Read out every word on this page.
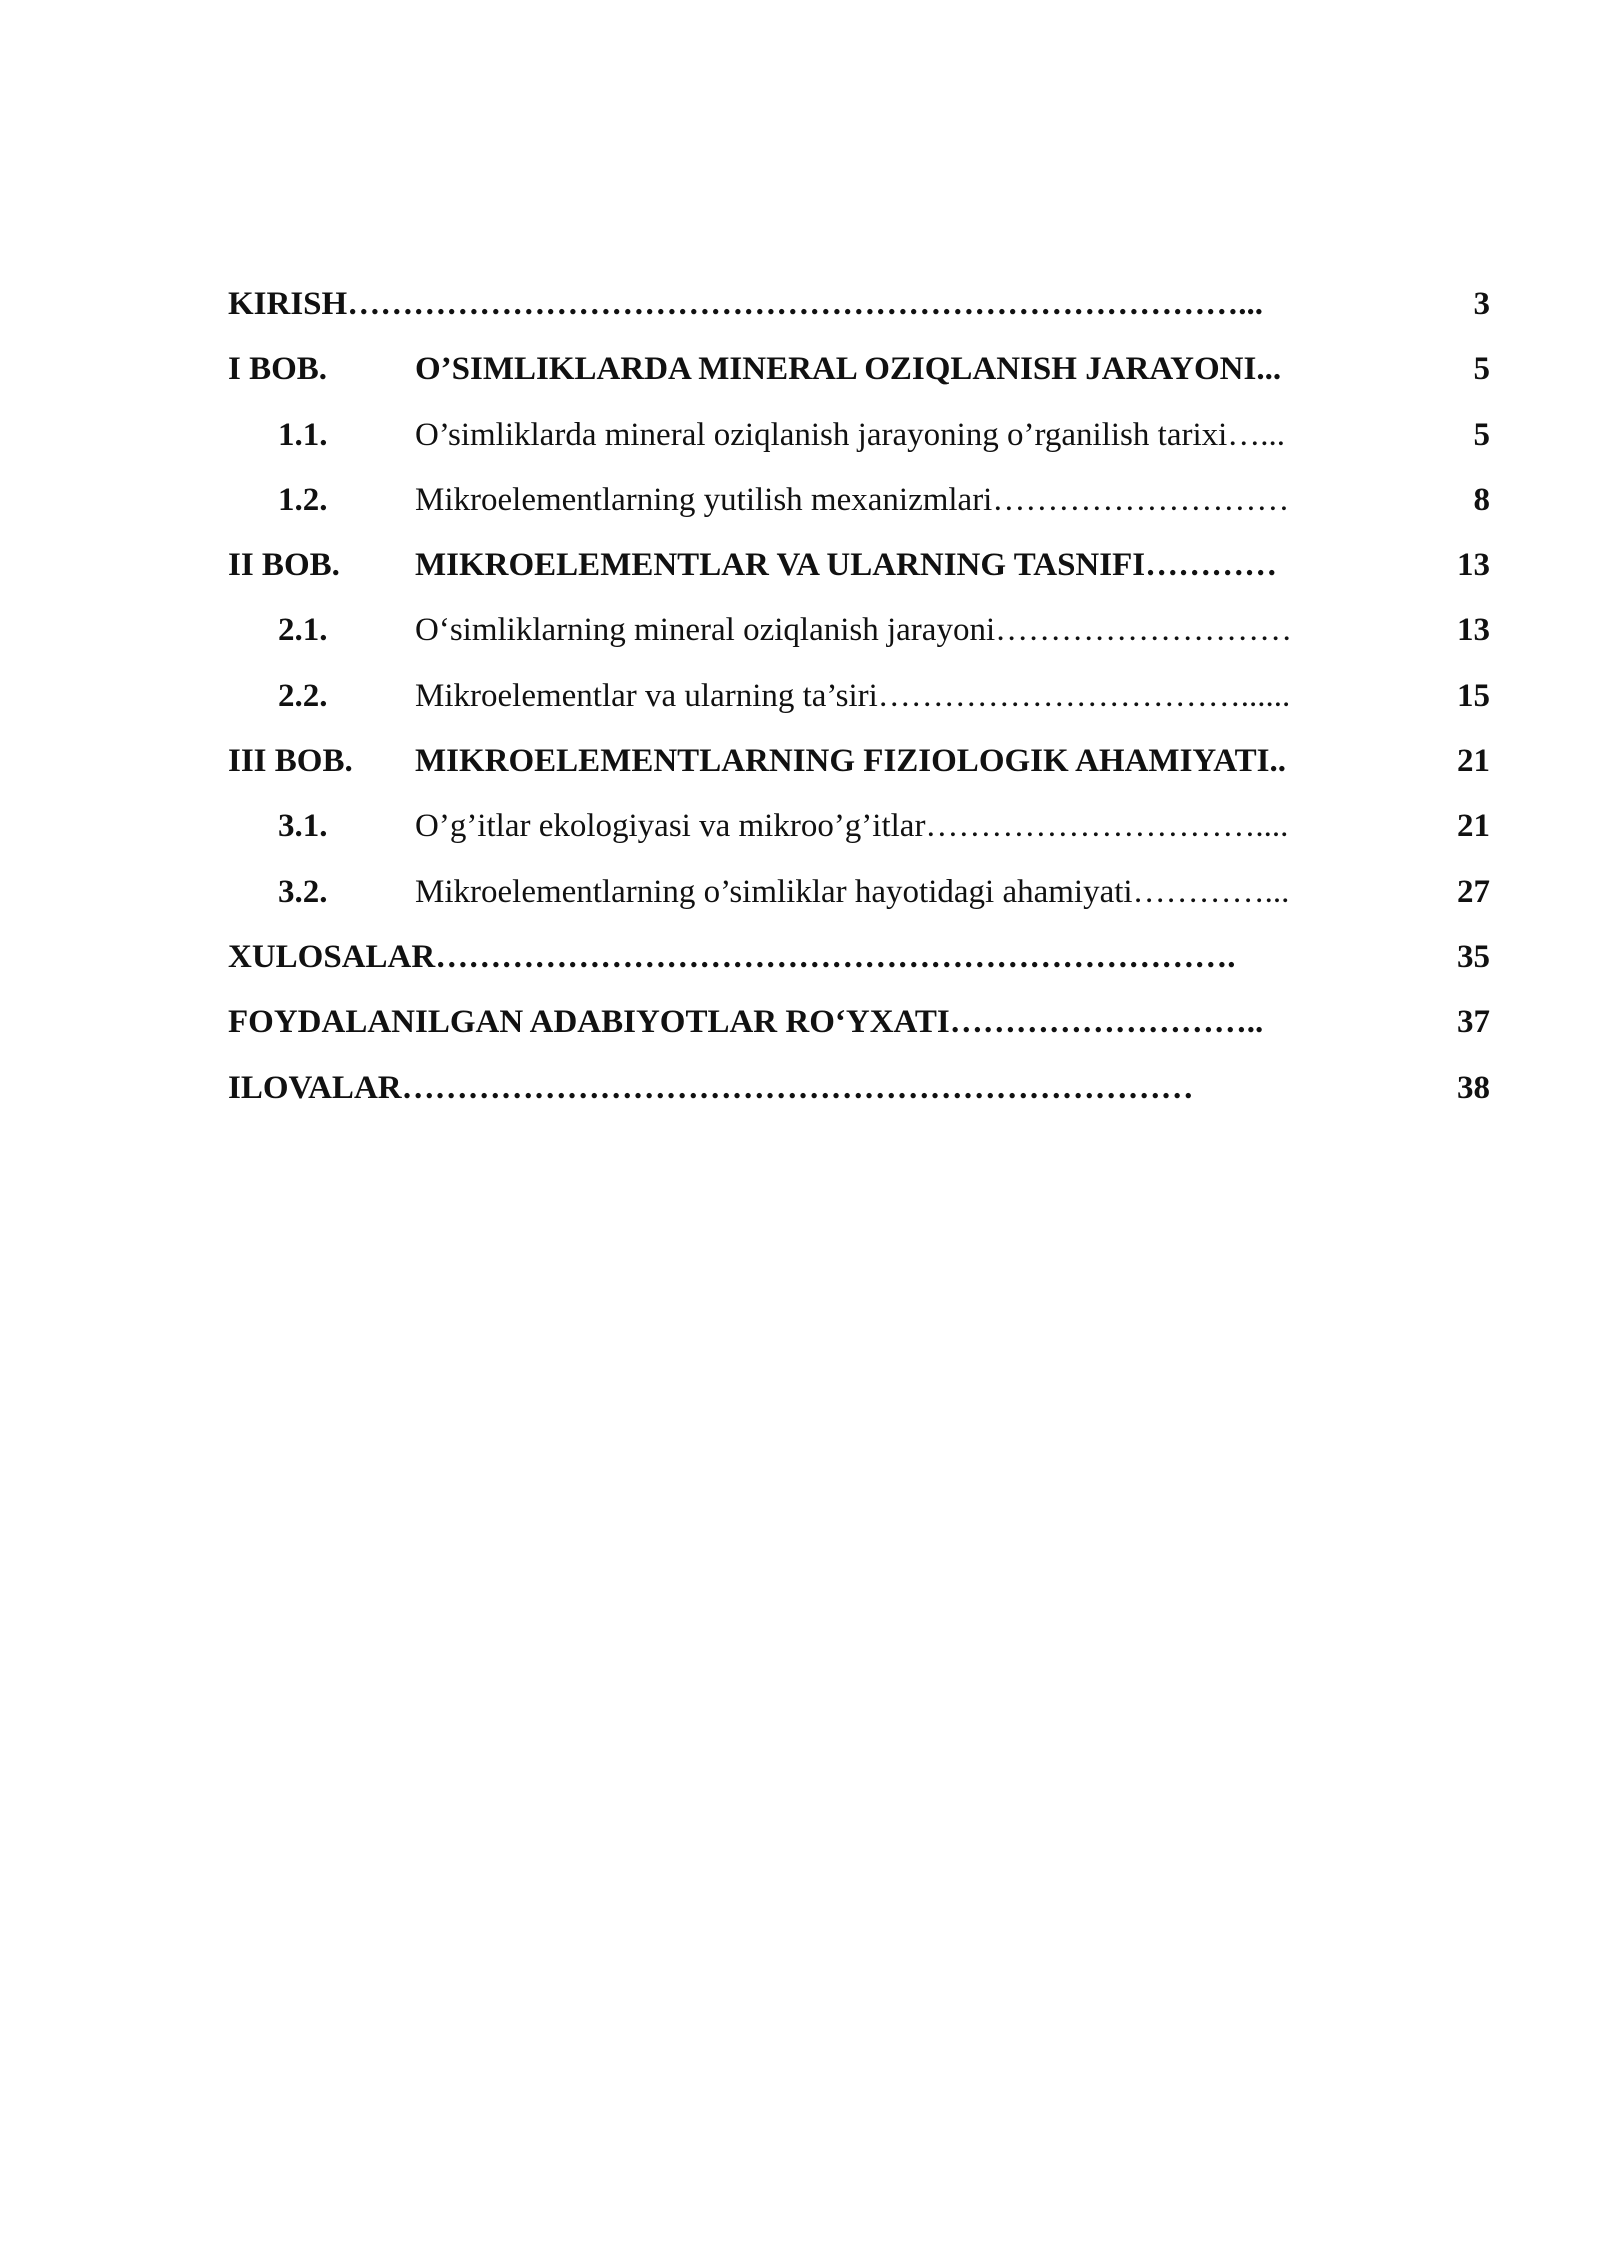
KIRISH………………………………………………………………………...	3
I BOB.	O’SIMLIKLARDA MINERAL OZIQLANISH JARAYONI...	5
1.1.	O’simliklarda mineral oziqlanish jarayoning o’rganilish tarixi…...	5
1.2.	Mikroelementlarning yutilish mexanizmlari………………………	8
II BOB. MIKROELEMENTLAR VA ULARNING TASNIFI…………	13
2.1.	O‘simliklarning mineral oziqlanish jarayoni………………………	13
2.2.	Mikroelementlar va ularning ta’siri……………………………......	15
III BOB. MIKROELEMENTLARNING FIZIOLOGIK AHAMIYATI..	21
3.1.	O’g’itlar ekologiyasi va mikroo’g’itlar…………………………....	21
3.2.	Mikroelementlarning o’simliklar hayotidagi ahamiyati…………...	27
XULOSALAR……………………………………………………………….	35
FOYDALANILGAN ADABIYOTLAR RO‘YXATI………………………..	37
ILOVALAR………………………………………………………………	38
